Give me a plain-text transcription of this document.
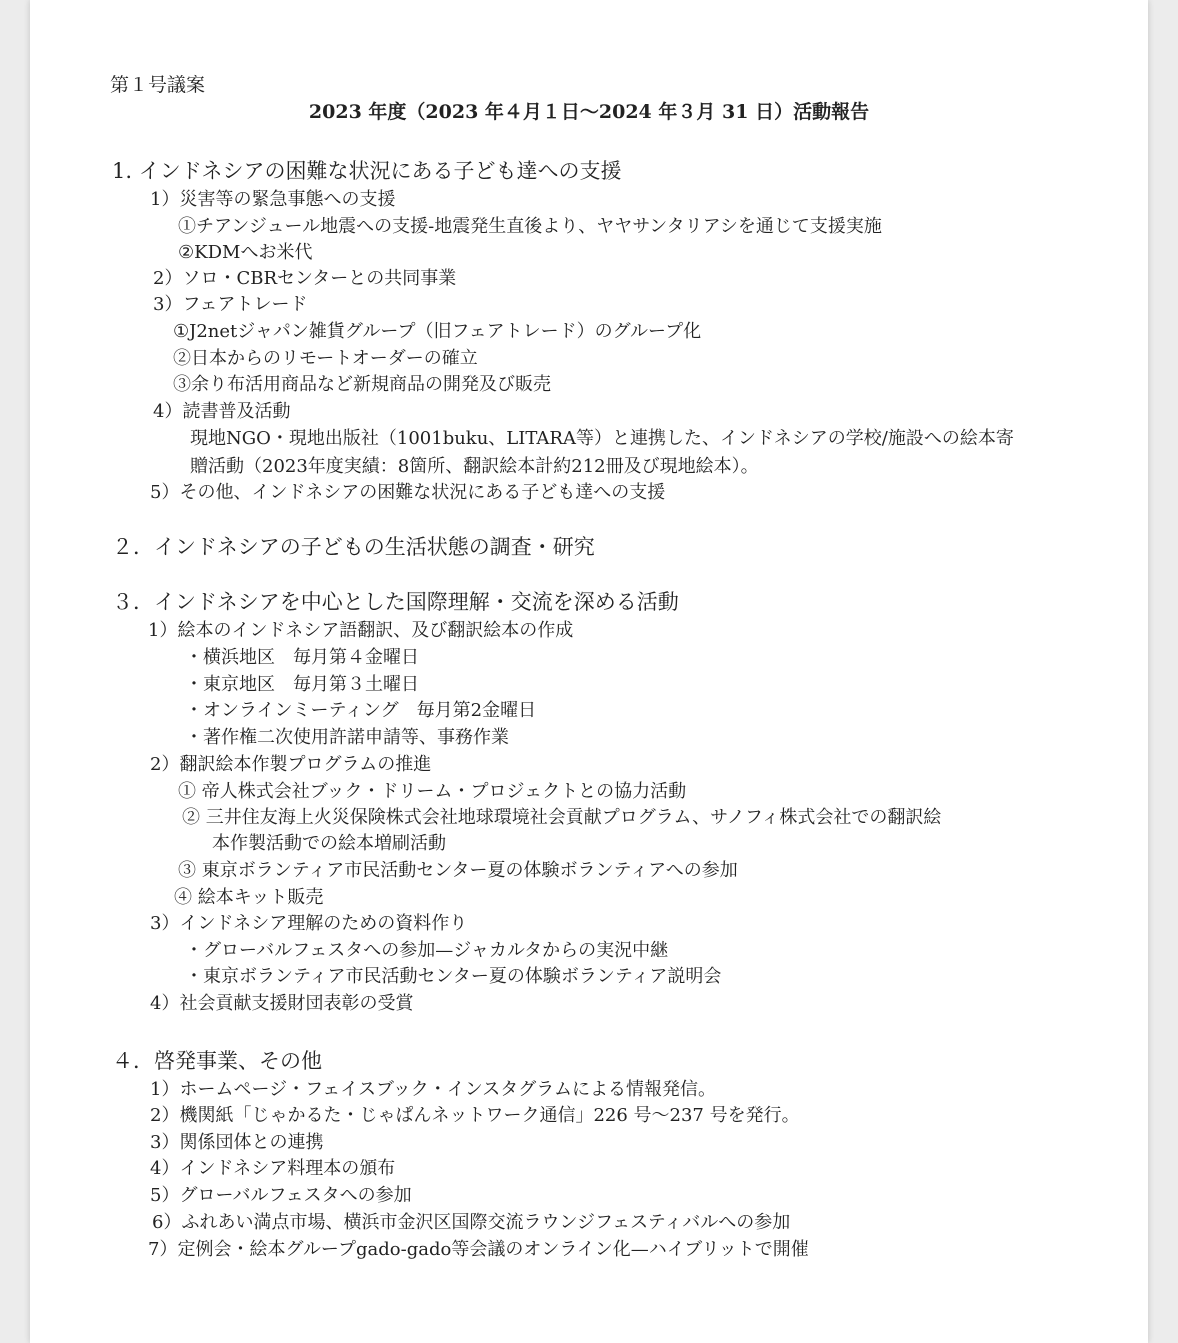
第１号議案
2023 年度（2023 年４月１日〜2024 年３月 31 日）活動報告
1. インドネシアの困難な状況にある子ども達への支援
1）災害等の緊急事態への支援
①チアンジュール地震への支援-地震発生直後より、ヤヤサンタリアシを通じて支援実施
②KDMへお米代
2）ソロ・CBRセンターとの共同事業
3）フェアトレード
①J2netジャパン雑貨グループ（旧フェアトレード）のグループ化
②日本からのリモートオーダーの確立
③余り布活用商品など新規商品の開発及び販売
4）読書普及活動
現地NGO・現地出版社（1001buku、LITARA等）と連携した、インドネシアの学校/施設への絵本寄
贈活動（2023年度実績：8箇所、翻訳絵本計約212冊及び現地絵本）。
5）その他、インドネシアの困難な状況にある子ども達への支援
２．インドネシアの子どもの生活状態の調査・研究
３．インドネシアを中心とした国際理解・交流を深める活動
1）絵本のインドネシア語翻訳、及び翻訳絵本の作成
・横浜地区　毎月第４金曜日
・東京地区　毎月第３土曜日
・オンラインミーティング　毎月第2金曜日
・著作権二次使用許諾申請等、事務作業
2）翻訳絵本作製プログラムの推進
① 帝人株式会社ブック・ドリーム・プロジェクトとの協力活動
② 三井住友海上火災保険株式会社地球環境社会貢献プログラム、サノフィ株式会社での翻訳絵
本作製活動での絵本増刷活動
③ 東京ボランティア市民活動センター夏の体験ボランティアへの参加
④ 絵本キット販売
3）インドネシア理解のための資料作り
・グローバルフェスタへの参加—ジャカルタからの実況中継
・東京ボランティア市民活動センター夏の体験ボランティア説明会
4）社会貢献支援財団表彰の受賞
４．啓発事業、その他
1）ホームページ・フェイスブック・インスタグラムによる情報発信。
2）機関紙「じゃかるた・じゃぱんネットワーク通信」226 号〜237 号を発行。
3）関係団体との連携
4）インドネシア料理本の頒布
5）グローバルフェスタへの参加
6）ふれあい満点市場、横浜市金沢区国際交流ラウンジフェスティバルへの参加
7）定例会・絵本グループgado-gado等会議のオンライン化—ハイブリットで開催
